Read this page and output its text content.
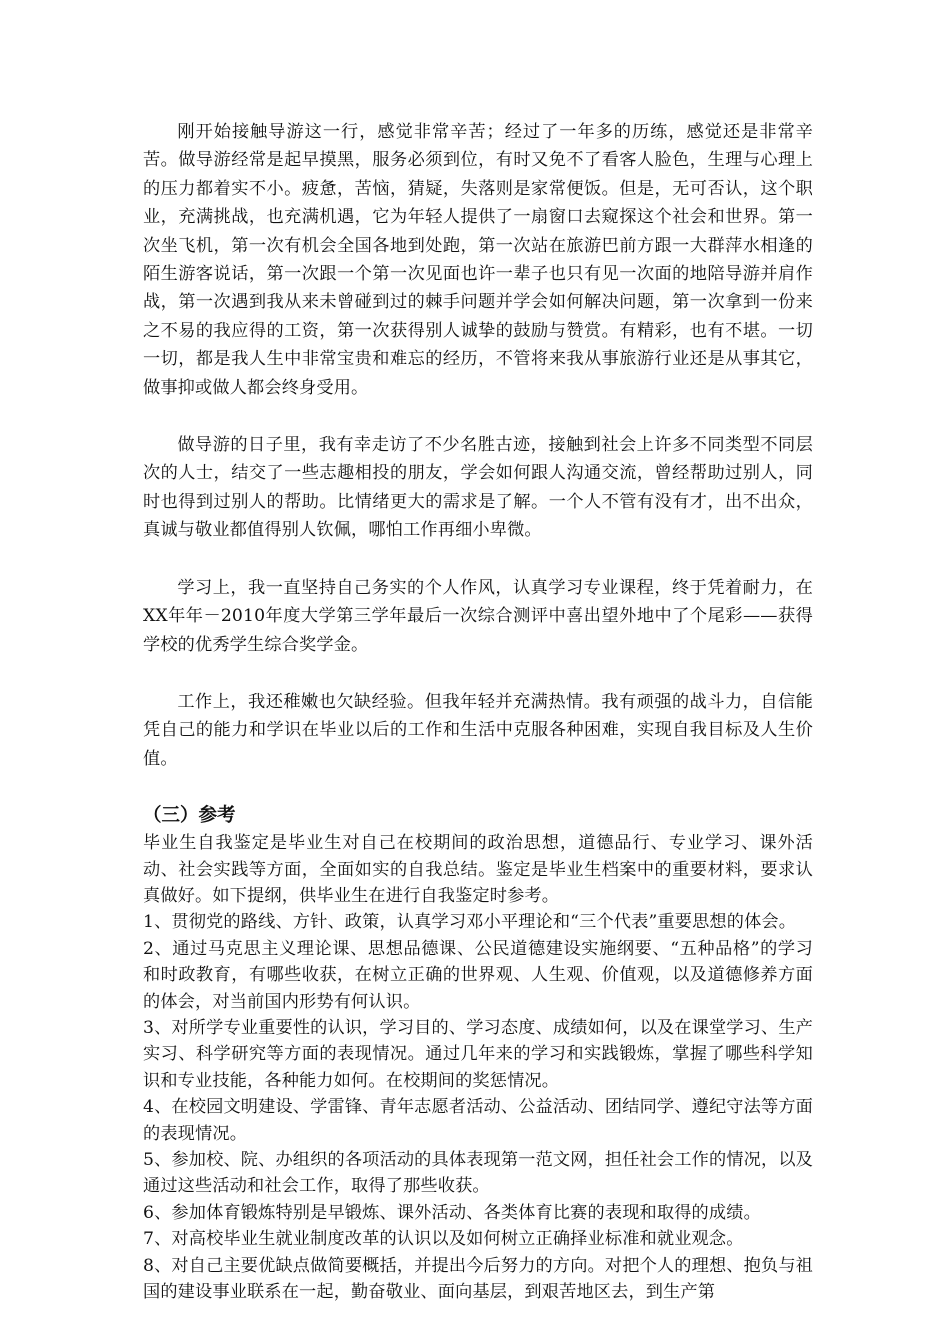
刚开始接触导游这一行，感觉非常辛苦；经过了一年多的历练，感觉还是非常辛苦。做导游经常是起早摸黑，服务必须到位，有时又免不了看客人脸色，生理与心理上的压力都着实不小。疲惫，苦恼，猜疑，失落则是家常便饭。但是，无可否认，这个职业，充满挑战，也充满机遇，它为年轻人提供了一扇窗口去窥探这个社会和世界。第一次坐飞机，第一次有机会全国各地到处跑，第一次站在旅游巴前方跟一大群萍水相逢的陌生游客说话，第一次跟一个第一次见面也许一辈子也只有见一次面的地陪导游并肩作战，第一次遇到我从来未曾碰到过的棘手问题并学会如何解决问题，第一次拿到一份来之不易的我应得的工资，第一次获得别人诚挚的鼓励与赞赏。有精彩，也有不堪。一切一切，都是我人生中非常宝贵和难忘的经历，不管将来我从事旅游行业还是从事其它，做事抑或做人都会终身受用。

做导游的日子里，我有幸走访了不少名胜古迹，接触到社会上许多不同类型不同层次的人士，结交了一些志趣相投的朋友，学会如何跟人沟通交流，曾经帮助过别人，同时也得到过别人的帮助。比情绪更大的需求是了解。一个人不管有没有才，出不出众，真诚与敬业都值得别人钦佩，哪怕工作再细小卑微。

学习上，我一直坚持自己务实的个人作风，认真学习专业课程，终于凭着耐力，在XX年年－2010年度大学第三学年最后一次综合测评中喜出望外地中了个尾彩——获得学校的优秀学生综合奖学金。

工作上，我还稚嫩也欠缺经验。但我年轻并充满热情。我有顽强的战斗力，自信能凭自己的能力和学识在毕业以后的工作和生活中克服各种困难，实现自我目标及人生价值。

（三）参考

毕业生自我鉴定是毕业生对自己在校期间的政治思想，道德品行、专业学习、课外活动、社会实践等方面，全面如实的自我总结。鉴定是毕业生档案中的重要材料，要求认真做好。如下提纲，供毕业生在进行自我鉴定时参考。

1、贯彻党的路线、方针、政策，认真学习邓小平理论和“三个代表”重要思想的体会。

2、通过马克思主义理论课、思想品德课、公民道德建设实施纲要、“五种品格”的学习和时政教育，有哪些收获，在树立正确的世界观、人生观、价值观，以及道德修养方面的体会，对当前国内形势有何认识。

3、对所学专业重要性的认识，学习目的、学习态度、成绩如何，以及在课堂学习、生产实习、科学研究等方面的表现情况。通过几年来的学习和实践锻炼，掌握了哪些科学知识和专业技能，各种能力如何。在校期间的奖惩情况。

4、在校园文明建设、学雷锋、青年志愿者活动、公益活动、团结同学、遵纪守法等方面的表现情况。

5、参加校、院、办组织的各项活动的具体表现第一范文网，担任社会工作的情况，以及通过这些活动和社会工作，取得了那些收获。

6、参加体育锻炼特别是早锻炼、课外活动、各类体育比赛的表现和取得的成绩。

7、对高校毕业生就业制度改革的认识以及如何树立正确择业标准和就业观念。

8、对自己主要优缺点做简要概括，并提出今后努力的方向。对把个人的理想、抱负与祖国的建设事业联系在一起，勤奋敬业、面向基层，到艰苦地区去，到生产第
